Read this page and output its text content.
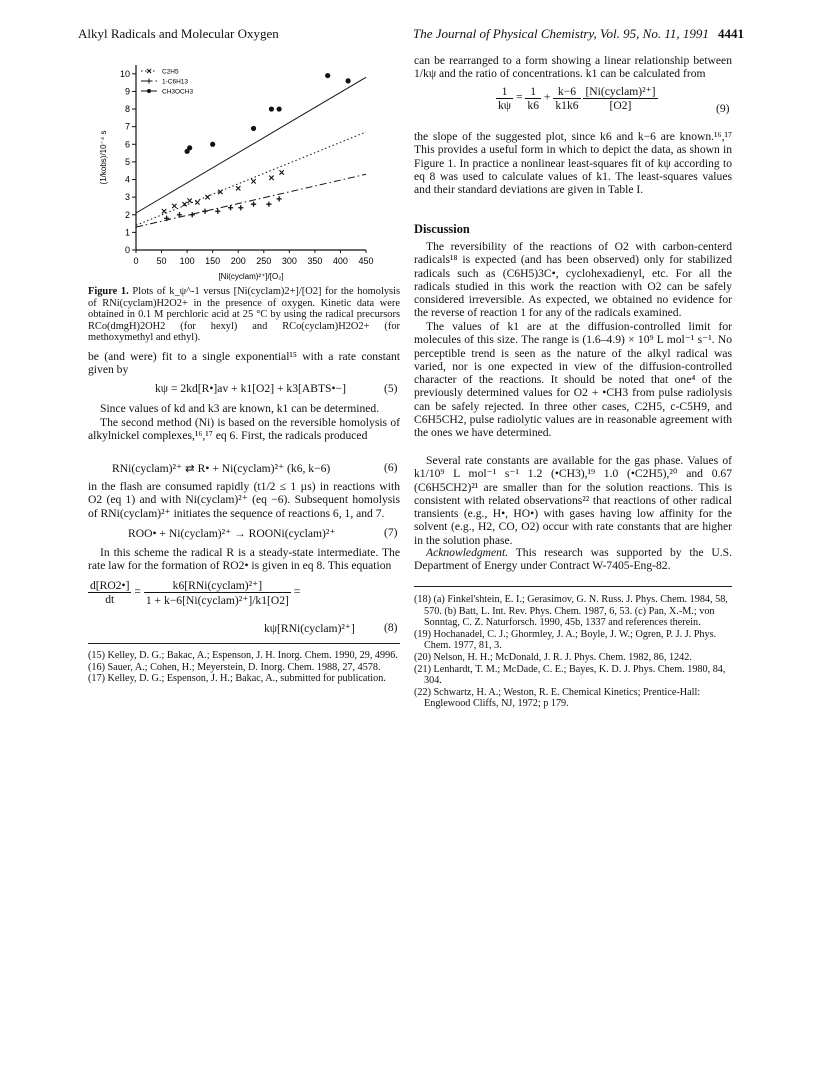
Alkyl Radicals and Molecular Oxygen	The Journal of Physical Chemistry, Vol. 95, No. 11, 1991 4441
0
1
2
3
4
5
6
7
8
9
10
0 50 100 150 200 250 300 350 400 450
[Ni(cyclam)²⁺]/[O₂]
(1/kobs)/10⁻⁴ s
C2H5
1-C6H13
CH3OCH3
Figure 1. Plots of k_ψ^-1 versus [Ni(cyclam)2+]/[O2] for the homolysis of RNi(cyclam)H2O2+ in the presence of oxygen. Kinetic data were obtained in 0.1 M perchloric acid at 25 °C by using the radical precursors RCo(dmgH)2OH2 (for hexyl) and RCo(cyclam)H2O2+ (for methoxymethyl and ethyl).
be (and were) fit to a single exponential¹⁵ with a rate constant given by
kψ = 2kd[R•]av + k1[O2] + k3[ABTS•−]	(5)
Since values of kd and k3 are known, k1 can be determined.
The second method (Ni) is based on the reversible homolysis of alkylnickel complexes,¹⁶,¹⁷ eq 6. First, the radicals produced
RNi(cyclam)²⁺ ⇄ R• + Ni(cyclam)²⁺ (k6, k−6)	(6)
in the flash are consumed rapidly (t1/2 ≤ 1 µs) in reactions with O2 (eq 1) and with Ni(cyclam)²⁺ (eq −6). Subsequent homolysis of RNi(cyclam)²⁺ initiates the sequence of reactions 6, 1, and 7.
ROO• + Ni(cyclam)²⁺ → ROONi(cyclam)²⁺	(7)
In this scheme the radical R is a steady-state intermediate. The rate law for the formation of RO2• is given in eq 8. This equation
$\frac{d[RO2•]}{dt} = \frac{\text{k6[RNi(cyclam)²⁺]}}{\text{1 + k−6[Ni(cyclam)²⁺]/k1[O2]}}$ =
kψ[RNi(cyclam)²⁺]	(8)

(15) Kelley, D. G.; Bakac, A.; Espenson, J. H. Inorg. Chem. 1990, 29, 4996.

(16) Sauer, A.; Cohen, H.; Meyerstein, D. Inorg. Chem. 1988, 27, 4578.

(17) Kelley, D. G.; Espenson, J. H.; Bakac, A., submitted for publication.

can be rearranged to a form showing a linear relationship between 1/kψ and the ratio of concentrations. k1 can be calculated from
$\frac{1}{k\psi} = \frac{1}{k6} + \frac{k-6}{k1k6}$
$\frac{\text{[Ni(cyclam)²⁺]}}{[O2]}$	(9)
the slope of the suggested plot, since k6 and k−6 are known.¹⁶,¹⁷ This provides a useful form in which to depict the data, as shown in Figure 1. In practice a nonlinear least-squares fit of kψ according to eq 8 was used to calculate values of k1. The least-squares values and their standard deviations are given in Table I.
Discussion
The reversibility of the reactions of O2 with carbon-centerd radicals¹⁸ is expected (and has been observed) only for stabilized radicals such as (C6H5)3C•, cyclohexadienyl, etc. For all the radicals studied in this work the reaction with O2 can be safely considered irreversible. As expected, we obtained no evidence for the reverse of reaction 1 for any of the radicals examined.
The values of k1 are at the diffusion-controlled limit for molecules of this size. The range is (1.6–4.9) × 10⁹ L mol⁻¹ s⁻¹. No perceptible trend is seen as the nature of the alkyl radical was varied, nor is one expected in view of the diffusion-controlled character of the reactions. It should be noted that one⁴ of the previously determined values for O2 + •CH3 from pulse radiolysis can be safely rejected. In three other cases, C2H5, c-C5H9, and C6H5CH2, pulse radiolytic values are in reasonable agreement with the ones we have determined.
Several rate constants are available for the gas phase. Values of k1/10⁹ L mol⁻¹ s⁻¹ 1.2 (•CH3),¹⁹ 1.0 (•C2H5),²⁰ and 0.67 (C6H5CH2)²¹ are smaller than for the solution reactions. This is consistent with related observations²² that reactions of other radical transients (e.g., H•, HO•) with gases having low affinity for the solvent (e.g., H2, CO, O2) occur with rate constants that are higher in the solution phase.
Acknowledgment. This research was supported by the U.S. Department of Energy under Contract W-7405-Eng-82.

(18) (a) Finkel'shtein, E. I.; Gerasimov, G. N. Russ. J. Phys. Chem. 1984, 58, 570. (b) Batt, L. Int. Rev. Phys. Chem. 1987, 6, 53. (c) Pan, X.-M.; von Sonntag, C. Z. Naturforsch. 1990, 45b, 1337 and references therein.

(19) Hochanadel, C. J.; Ghormley, J. A.; Boyle, J. W.; Ogren, P. J. J. Phys. Chem. 1977, 81, 3.

(20) Nelson, H. H.; McDonald, J. R. J. Phys. Chem. 1982, 86, 1242.

(21) Lenhardt, T. M.; McDade, C. E.; Bayes, K. D. J. Phys. Chem. 1980, 84, 304.

(22) Schwartz, H. A.; Weston, R. E. Chemical Kinetics; Prentice-Hall: Englewood Cliffs, NJ, 1972; p 179.
